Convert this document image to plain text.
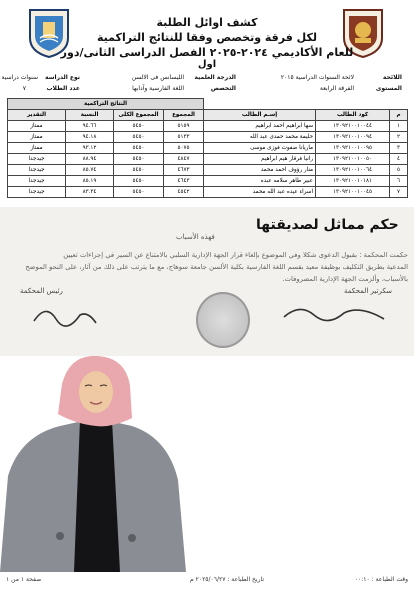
كشف اوائل الطلبة
لكل فرقة وتخصص وفقا للنتائج التراكمية
للعام الأكاديمي ٢٠٢٤-٢٠٢٥ الفصل الدراسى الثانى/دور
اول
اللائحة
لائحة السنوات الدراسية ٢٠١٥
الدرجة العلمية
الليسانس فى الالسن
نوع الدراسة
سنوات دراسية
المستوى
الفرقة الرابعة
التخصص
اللغة الفارسية وآدابها
عدد الطلاب
٧
			النتائج التراكمية			
م	كود الطالب	إسـم الطالب	المجموع	المجموع الكلى	النسبة	التقدير
١	١٣٠٩٢١٠٠١٠٠٤٤	سها ابراهيم احمد ابراهيم	٥١٥٩	٥٤٥٠	٩٤.٦٦	ممتاز
٢	١٣٠٩٢١٠٠١٠٠٩٤	حليمة محمد حمدى عبد الله	٥١٣٣	٥٤٥٠	٩٤.١٨	ممتاز
٣	١٣٠٩٢١٠٠١٠٠٩٥	ماريانا صفوت فوزى موسى	٥٠٧٥	٥٤٥٠	٩٣.١٢	ممتاز
٤	١٣٠٩٢١٠٠١٠٠٥٠	رانيا فرقار هيم ابراهيم	٤٨٤٧	٥٤٥٠	٨٨.٩٤	جيدجدا
٥	١٣٠٩٢١٠٠١٠٠٦٤	منار رؤوف احمد محمد	٤٦٧٣	٥٤٥٠	٨٥.٧٤	جيدجدا
٦	١٣٠٩٢١٠٠١٠١٨١	عبير طاهر سلامه عبده	٤٦٤٣	٥٤٥٠	٨٥.١٩	جيدجدا
٧	١٣٠٩٢١٠٠١٠٠٤٥	اسراء عيده عبد الله محمد	٤٥٤٢	٥٤٥٠	٨٣.٣٤	جيدجدا
فهذه الأسباب
حكمت المحكمة : بقبول الدعوى شكلا وفي الموضوع بإلغاء قرار الجهة الإدارية السلبي بالامتناع عن السير في إجراءات تعيين
المدعية بطريق التكليف بوظيفة معيد بقسم اللغة الفارسية بكلية الألسن جامعة سوهاج، مع ما يترتب على ذلك من آثار، على النحو الموضح
بالأسباب، وألزمت الجهة الإدارية المصروفات.
سكرتير المحكمة
رئيس المحكمة
حكم مماثل لصديقتها
وقت الطباعة : ٠٠:١٠
تاريخ الطباعة : ٢٠٢٥/٠٦/٢٧ م
صفحة ١ من ١
